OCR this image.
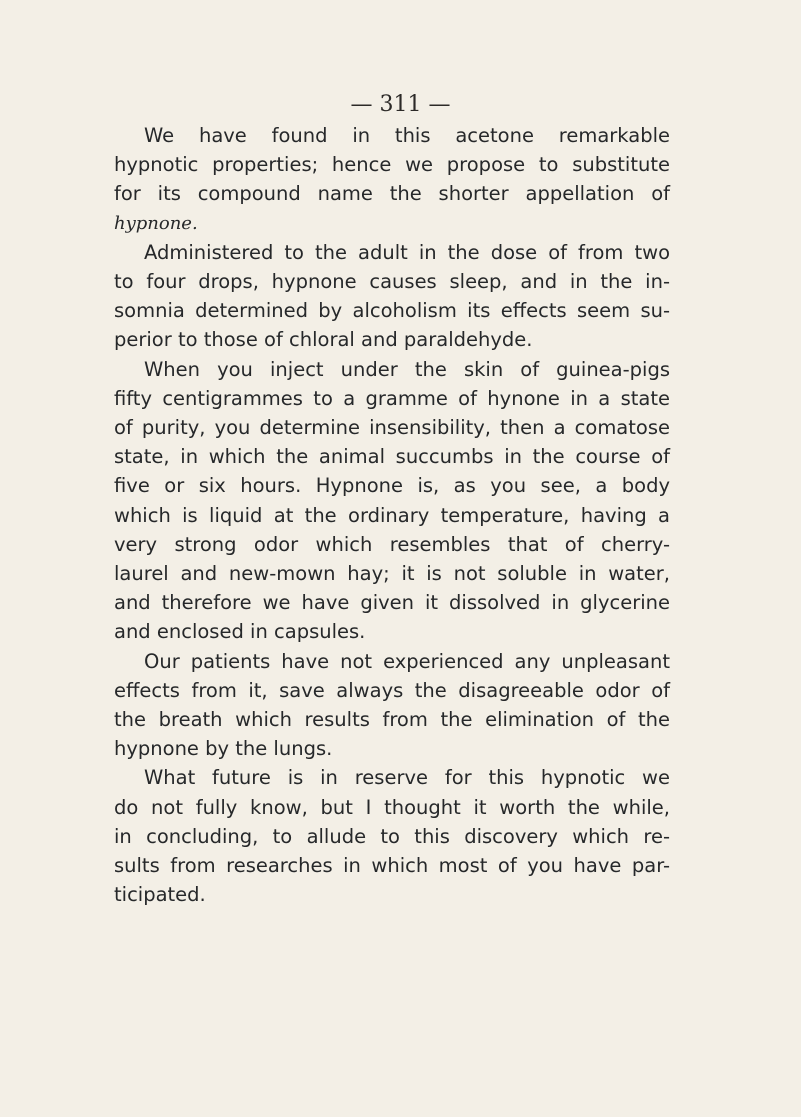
— 311 —
We have found in this acetone remarkable
hypnotic properties; hence we propose to substitute
for its compound name the shorter appellation of
hypnone.
Administered to the adult in the dose of from two
to four drops, hypnone causes sleep, and in the in-
somnia determined by alcoholism its effects seem su-
perior to those of chloral and paraldehyde.
When you inject under the skin of guinea-pigs
fifty centigrammes to a gramme of hynone in a state
of purity, you determine insensibility, then a comatose
state, in which the animal succumbs in the course of
five or six hours. Hypnone is, as you see, a body
which is liquid at the ordinary temperature, having a
very strong odor which resembles that of cherry-
laurel and new-mown hay; it is not soluble in water,
and therefore we have given it dissolved in glycerine
and enclosed in capsules.
Our patients have not experienced any unpleasant
effects from it, save always the disagreeable odor of
the breath which results from the elimination of the
hypnone by the lungs.
What future is in reserve for this hypnotic we
do not fully know, but I thought it worth the while,
in concluding, to allude to this discovery which re-
sults from researches in which most of you have par-
ticipated.
